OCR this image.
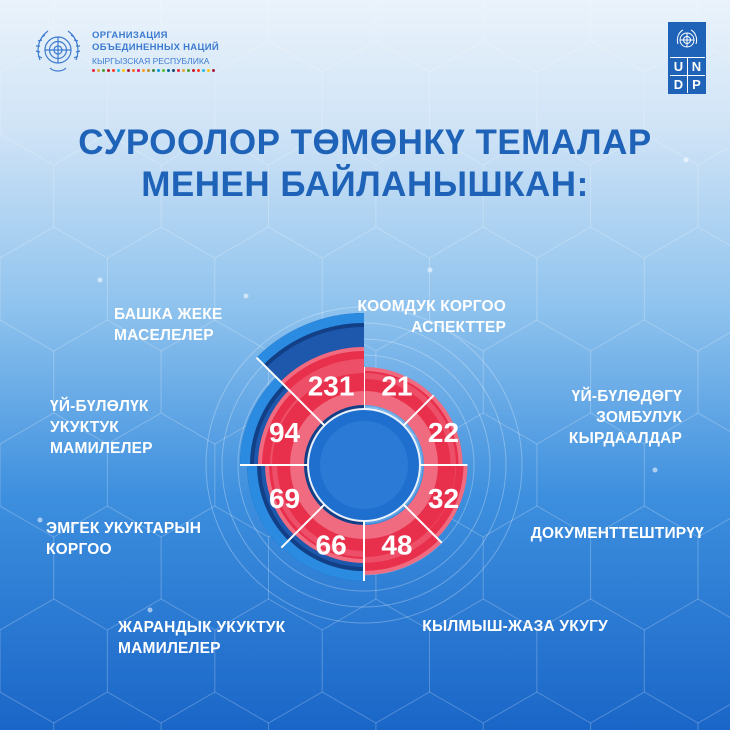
ОРГАНИЗАЦИЯ
ОБЪЕДИНЕННЫХ НАЦИЙ
КЫРГЫЗСКАЯ РЕСПУБЛИКА	U N
D P
СУРООЛОР ТӨМӨНКҮ ТЕМАЛАР
МЕНЕН БАЙЛАНЫШКАН:
21
22
32
48
66
69
94
231
КООМДУК КОРГОО
АСПЕКТТЕР
ҮЙ-БҮЛӨДӨГҮ
ЗОМБУЛУК
КЫРДААЛДАР
ДОКУМЕНТТЕШТИРҮҮ
КЫЛМЫШ-ЖАЗА УКУГУ
ЖАРАНДЫК УКУКТУК
МАМИЛЕЛЕР
ЭМГЕК УКУКТАРЫН
КОРГОО
ҮЙ-БҮЛӨЛҮК
УКУКТУК
МАМИЛЕЛЕР
БАШКА ЖЕКЕ
МАСЕЛЕЛЕР
